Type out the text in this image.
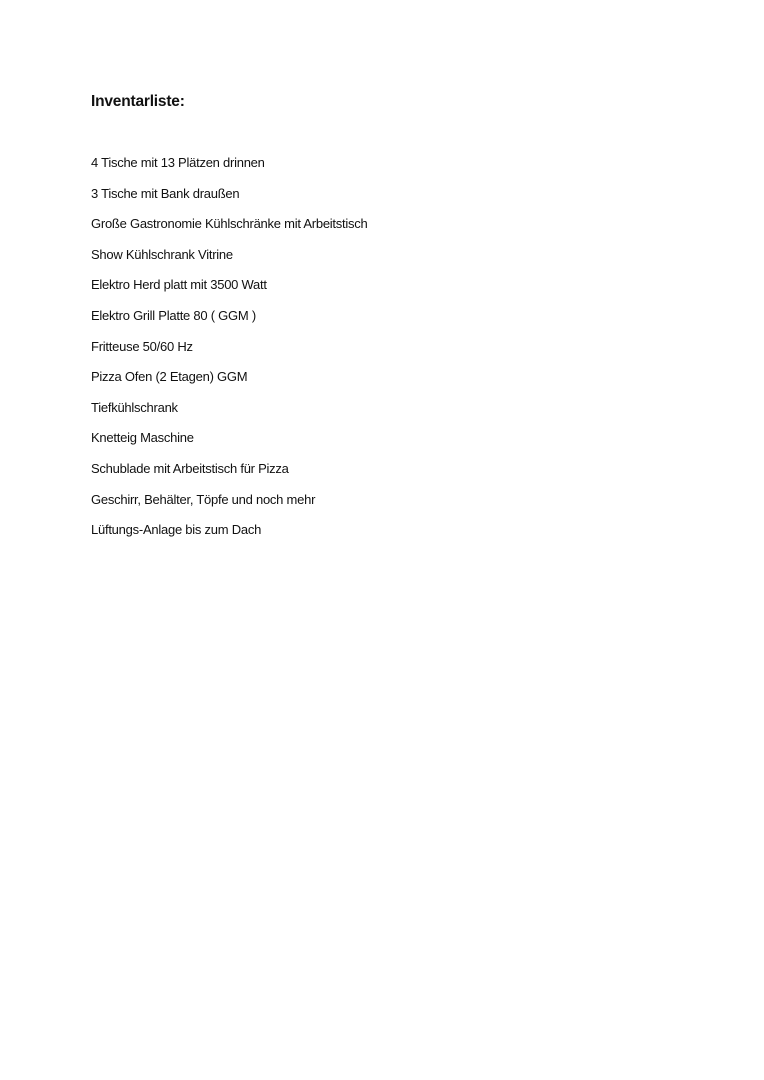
Inventarliste:
4 Tische mit 13 Plätzen drinnen
3 Tische mit Bank draußen
Große Gastronomie Kühlschränke mit Arbeitstisch
Show Kühlschrank Vitrine
Elektro Herd platt mit 3500 Watt
Elektro Grill Platte 80 ( GGM )
Fritteuse 50/60 Hz
Pizza Ofen (2 Etagen) GGM
Tiefkühlschrank
Knetteig Maschine
Schublade mit Arbeitstisch für Pizza
Geschirr, Behälter, Töpfe und noch mehr
Lüftungs-Anlage bis zum Dach
